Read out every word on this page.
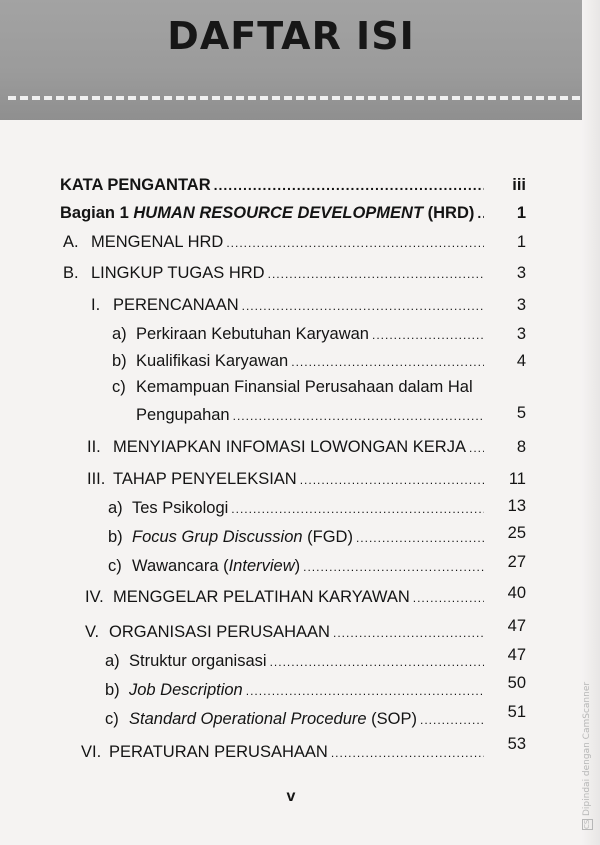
DAFTAR ISI
KATA PENGANTAR .....	iii
Bagian 1 HUMAN RESOURCE DEVELOPMENT (HRD) .....	1
A. MENGENAL HRD .....	1
B. LINGKUP TUGAS HRD .....	3
I. PERENCANAAN .....	3
a) Perkiraan Kebutuhan Karyawan .....	3
b) Kualifikasi Karyawan .....	4
c) Kemampuan Finansial Perusahaan dalam Hal
Pengupahan .....	5
II. MENYIAPKAN INFOMASI LOWONGAN KERJA .....	8
III. TAHAP PENYELEKSIAN .....	11
a) Tes Psikologi .....	13
b) Focus Grup Discussion (FGD) .....	25
c) Wawancara ( Interview ) .....	27
IV. MENGGELAR PELATIHAN KARYAWAN .....	40
V. ORGANISASI PERUSAHAAN .....	47
a) Struktur organisasi .....	47
b) Job Description .....	50
c) Standard Operational Procedure (SOP) .....	51
VI. PERATURAN PERUSAHAAN .....	53
v
CSDipindai dengan CamScanner
